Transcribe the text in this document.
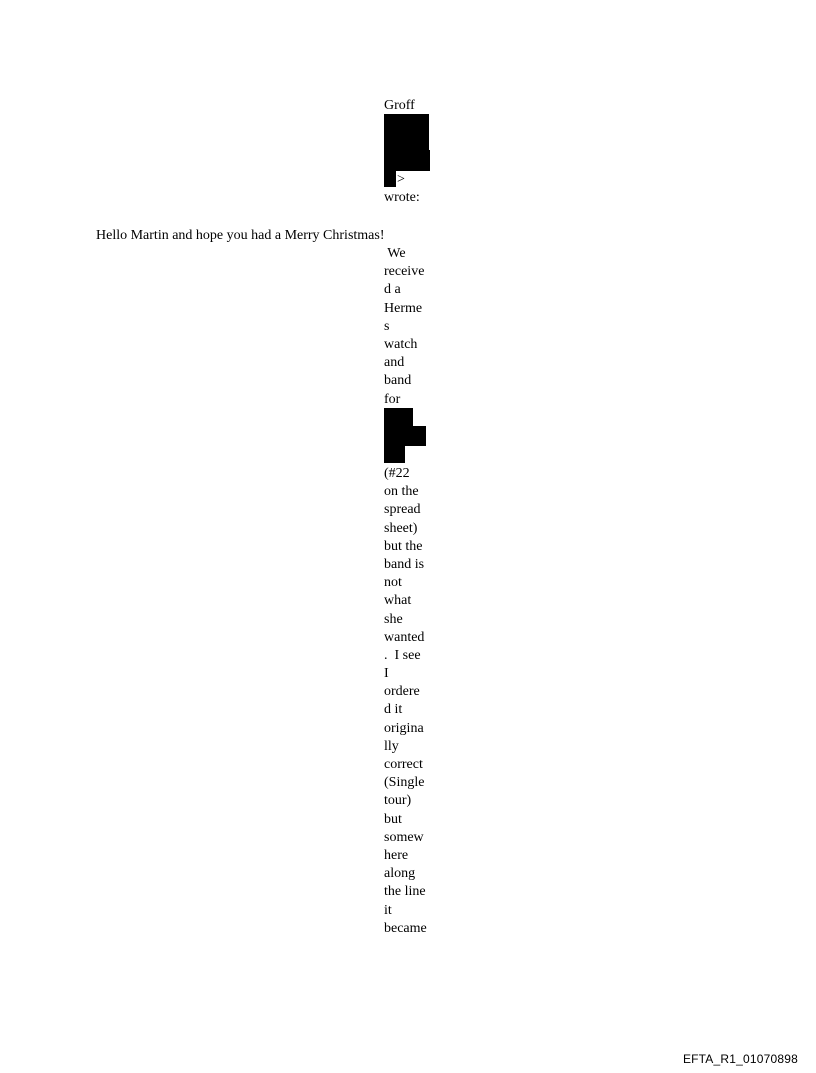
Groff
>
wrote:
Hello Martin and hope you had a Merry Christmas!
We
receive
d a
Herme
s
watch
and
band
for
(#22
on the
spread
sheet)
but the
band is
not
what
she
wanted
.  I see
I
ordere
d it
origina
lly
correct
(Single
tour)
but
somew
here
along
the line
it
became
EFTA_R1_01070898
